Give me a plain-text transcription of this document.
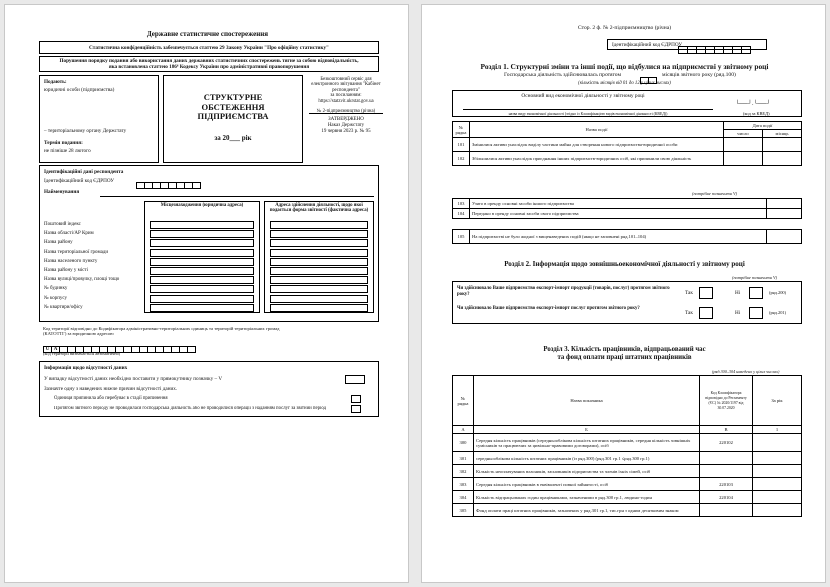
Державне статистичне спостереження
Статистична конфіденційність забезпечується статтею 29 Закону України "Про офіційну статистику"
Порушення порядку подання або використання даних державних статистичних спостережень тягне за собою відповідальність, яка встановлена статтею 186⁶ Кодексу України про адміністративні правопорушення
Подають:
юридичні особи (підприємства)
– територіальному органу Держстату
Термін подання:
не пізніше 28 лютого
СТРУКТУРНЕ
ОБСТЕЖЕННЯ
ПІДПРИЄМСТВА
за 20___ рік
Безкоштовний сервіс для електронного звітування "Кабінет респондента"
за посиланням:
https://statzvit.ukrstat.gov.ua
№ 2-підприємництво (річна)
ЗАТВЕРДЖЕНО
Наказ Держстату
19 червня 2023 р. № 95
Ідентифікаційні дані респондента
Ідентифікаційний код ЄДРПОУ
Найменування
Місцезнаходження (юридична адреса)	Адреса здійснення діяльності, щодо якої подається форма звітності (фактична адреса)
Поштовий індекс
Назва області/АР Крим
Назва району
Назва територіальної громади
Назва населеного пункту
Назва району у місті
Назва вулиці/провулку, площі тощо
№ будинку
№ корпусу
№ квартири/офісу
Код території відповідно до Кодифікатора адміністративно-територіальних одиниць та територій територіальних громад (КАТОТТГ) за юридичною адресою
U A
(код території визначається автоматично)
Інформація щодо відсутності даних
У випадку відсутності даних необхідно поставити у прямокутнику позначку – V
Зазначте одну з наведених нижче причин відсутності даних.
Одиниця припинила або перебуває в стадії припинення
Протягом звітного періоду не проводилася господарська діяльність або не проводилися операції з наданням послуг за звітний період
Стор. 2 ф. № 2-підприємництво (річна)
Ідентифікаційний код ЄДРПОУ
Розділ 1. Структурні зміни та інші події, що відбулися на підприємстві у звітному році
Господарська діяльність здійснювалась протягом	місяців звітного року (ряд.100)
(кількість місяців від 01 до 12 у цілих числах)
Основний вид економічної діяльності у звітному році
назва виду економічної діяльності (згідно із Класифікацією видів економічної діяльності (КВЕД))
└──┘.└──┘
(код за КВЕД)
№ рядка	Назва події	Дата події	
		число	місяць
101	Змінилися активи унаслідок виділу частини майна для створення нового підприємства-юридичної особи		
102	Збільшилися активи унаслідок приєднання інших підприємств-юридичних осіб, які припинили свою діяльність		
(потрібне позначити V)
103	Узято в оренду основні засоби іншого підприємства	
104	Передано в оренду основні засоби свого підприємства	
105	На підприємстві не було жодної з вищенаведених подій (якщо не заповнені ряд.101–104)	
Розділ 2. Інформація щодо зовнішньоекономічної діяльності у звітному році
(потрібне позначити V)
Чи здійснювало Ваше підприємство експорт-імпорт продукції (товарів, послуг) протягом звітного року?	Так	Ні	(ряд.200)
Чи здійснювало Ваше підприємство експорт-імпорт послуг протягом звітного року?
Так	Ні	(ряд.201)
Розділ 3. Кількість працівників, відпрацьований час
та фонд оплати праці штатних працівників
(ряд.300–304 наведено у цілих числах)
№ рядка	Назва показника	Код Класифікатора відповідно до Регламенту (ЄС) № 2020/1197 від 30.07.2020	За рік
А	Б	В	1
300	Середня кількість працівників (середньооблікова кількість штатних працівників, середня кількість зовнішніх сумісників та працюючих за цивільно-правовими договорами), осіб	220102	
301	середньооблікова кількість штатних працівників (із ряд.300) (ряд.301 гр.1 ≤ряд.300 гр.1)		
302	Кількість неоплачуваних власників, засновників підприємства та членів їхніх сімей, осіб		
303	Середня кількість працівників в еквіваленті повної зайнятості, осіб	220103	
304	Кількість відпрацьованих годин працівниками, зазначеними в ряд.300 гр.1, людино-годин	220104	
305	Фонд оплати праці штатних працівників, зазначених у ряд.301 гр.1, тис.грн з одним десятковим знаком		
